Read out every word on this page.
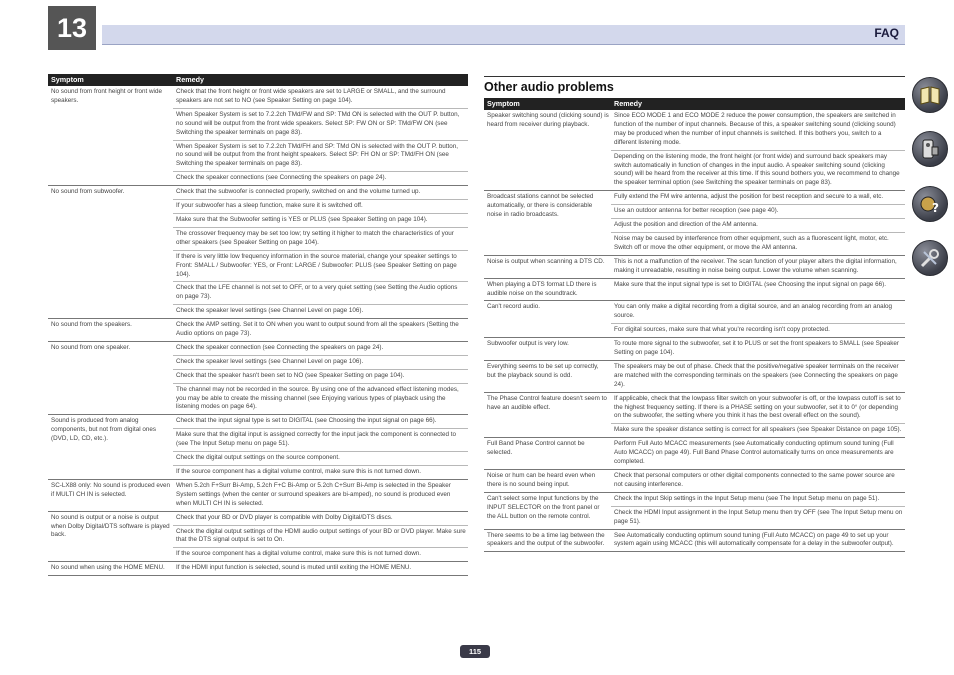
13	FAQ
Symptom	Remedy
No sound from front height or front wide speakers.	Check that the front height or front wide speakers are set to LARGE or SMALL, and the surround speakers are not set to NO (see Speaker Setting on page 104).
	When Speaker System is set to 7.2.2ch TMd/FW and SP: TMd ON is selected with the OUT P. button, no sound will be output from the front wide speakers. Select SP: FW ON or SP: TMd/FW ON (see Switching the speaker terminals on page 83).
	When Speaker System is set to 7.2.2ch TMd/FH and SP: TMd ON is selected with the OUT P. button, no sound will be output from the front height speakers. Select SP: FH ON or SP: TMd/FH ON (see Switching the speaker terminals on page 83).
	Check the speaker connections (see Connecting the speakers on page 24).
No sound from subwoofer.	Check that the subwoofer is connected properly, switched on and the volume turned up.
	If your subwoofer has a sleep function, make sure it is switched off.
	Make sure that the Subwoofer setting is YES or PLUS (see Speaker Setting on page 104).
	The crossover frequency may be set too low; try setting it higher to match the characteristics of your other speakers (see Speaker Setting on page 104).
	If there is very little low frequency information in the source material, change your speaker settings to Front: SMALL / Subwoofer: YES, or Front: LARGE / Subwoofer: PLUS (see Speaker Setting on page 104).
	Check that the LFE channel is not set to OFF, or to a very quiet setting (see Setting the Audio options on page 73).
	Check the speaker level settings (see Channel Level on page 106).
No sound from the speakers.	Check the AMP setting. Set it to ON when you want to output sound from all the speakers (Setting the Audio options on page 73).
No sound from one speaker.	Check the speaker connection (see Connecting the speakers on page 24).
	Check the speaker level settings (see Channel Level on page 106).
	Check that the speaker hasn't been set to NO (see Speaker Setting on page 104).
	The channel may not be recorded in the source. By using one of the advanced effect listening modes, you may be able to create the missing channel (see Enjoying various types of playback using the listening modes on page 64).
Sound is produced from analog components, but not from digital ones (DVD, LD, CD, etc.).	Check that the input signal type is set to DIGITAL (see Choosing the input signal on page 66).
	Make sure that the digital input is assigned correctly for the input jack the component is connected to (see The Input Setup menu on page 51).
	Check the digital output settings on the source component.
	If the source component has a digital volume control, make sure this is not turned down.
SC-LX88 only: No sound is produced even if MULTI CH IN is selected.	When 5.2ch F+Surr Bi-Amp, 5.2ch F+C Bi-Amp or 5.2ch C+Surr Bi-Amp is selected in the Speaker System settings (when the center or surround speakers are bi-amped), no sound is produced even when MULTI CH IN is selected.
No sound is output or a noise is output when Dolby Digital/DTS software is played back.	Check that your BD or DVD player is compatible with Dolby Digital/DTS discs.
	Check the digital output settings of the HDMI audio output settings of your BD or DVD player. Make sure that the DTS signal output is set to On.
	If the source component has a digital volume control, make sure this is not turned down.
No sound when using the HOME MENU.	If the HDMI input function is selected, sound is muted until exiting the HOME MENU.
Other audio problems
Symptom	Remedy
Speaker switching sound (clicking sound) is heard from receiver during playback.	Since ECO MODE 1 and ECO MODE 2 reduce the power consumption, the speakers are switched in function of the number of input channels. Because of this, a speaker switching sound (clicking sound) may be produced when the number of input channels is switched. If this bothers you, switch to a different listening mode.
	Depending on the listening mode, the front height (or front wide) and surround back speakers may switch automatically in function of changes in the input audio. A speaker switching sound (clicking sound) will be heard from the receiver at this time. If this sound bothers you, we recommend to change the speaker terminal option (see Switching the speaker terminals on page 83).
Broadcast stations cannot be selected automatically, or there is considerable noise in radio broadcasts.	Fully extend the FM wire antenna, adjust the position for best reception and secure to a wall, etc.
	Use an outdoor antenna for better reception (see page 40).
	Adjust the position and direction of the AM antenna.
	Noise may be caused by interference from other equipment, such as a fluorescent light, motor, etc. Switch off or move the other equipment, or move the AM antenna.
Noise is output when scanning a DTS CD.	This is not a malfunction of the receiver. The scan function of your player alters the digital information, making it unreadable, resulting in noise being output. Lower the volume when scanning.
When playing a DTS format LD there is audible noise on the soundtrack.	Make sure that the input signal type is set to DIGITAL (see Choosing the input signal on page 66).
Can't record audio.	You can only make a digital recording from a digital source, and an analog recording from an analog source.
	For digital sources, make sure that what you're recording isn't copy protected.
Subwoofer output is very low.	To route more signal to the subwoofer, set it to PLUS or set the front speakers to SMALL (see Speaker Setting on page 104).
Everything seems to be set up correctly, but the playback sound is odd.	The speakers may be out of phase. Check that the positive/negative speaker terminals on the receiver are matched with the corresponding terminals on the speakers (see Connecting the speakers on page 24).
The Phase Control feature doesn't seem to have an audible effect.	If applicable, check that the lowpass filter switch on your subwoofer is off, or the lowpass cutoff is set to the highest frequency setting. If there is a PHASE setting on your subwoofer, set it to 0° (or depending on the subwoofer, the setting where you think it has the best overall effect on the sound).
	Make sure the speaker distance setting is correct for all speakers (see Speaker Distance on page 105).
Full Band Phase Control cannot be selected.	Perform Full Auto MCACC measurements (see Automatically conducting optimum sound tuning (Full Auto MCACC) on page 49). Full Band Phase Control automatically turns on once measurements are completed.
Noise or hum can be heard even when there is no sound being input.	Check that personal computers or other digital components connected to the same power source are not causing interference.
Can't select some Input functions by the INPUT SELECTOR on the front panel or the ALL button on the remote control.	Check the Input Skip settings in the Input Setup menu (see The Input Setup menu on page 51).
	Check the HDMI Input assignment in the Input Setup menu then try OFF (see The Input Setup menu on page 51).
There seems to be a time lag between the speakers and the output of the subwoofer.	See Automatically conducting optimum sound tuning (Full Auto MCACC) on page 49 to set up your system again using MCACC (this will automatically compensate for a delay in the subwoofer output).
?
115
